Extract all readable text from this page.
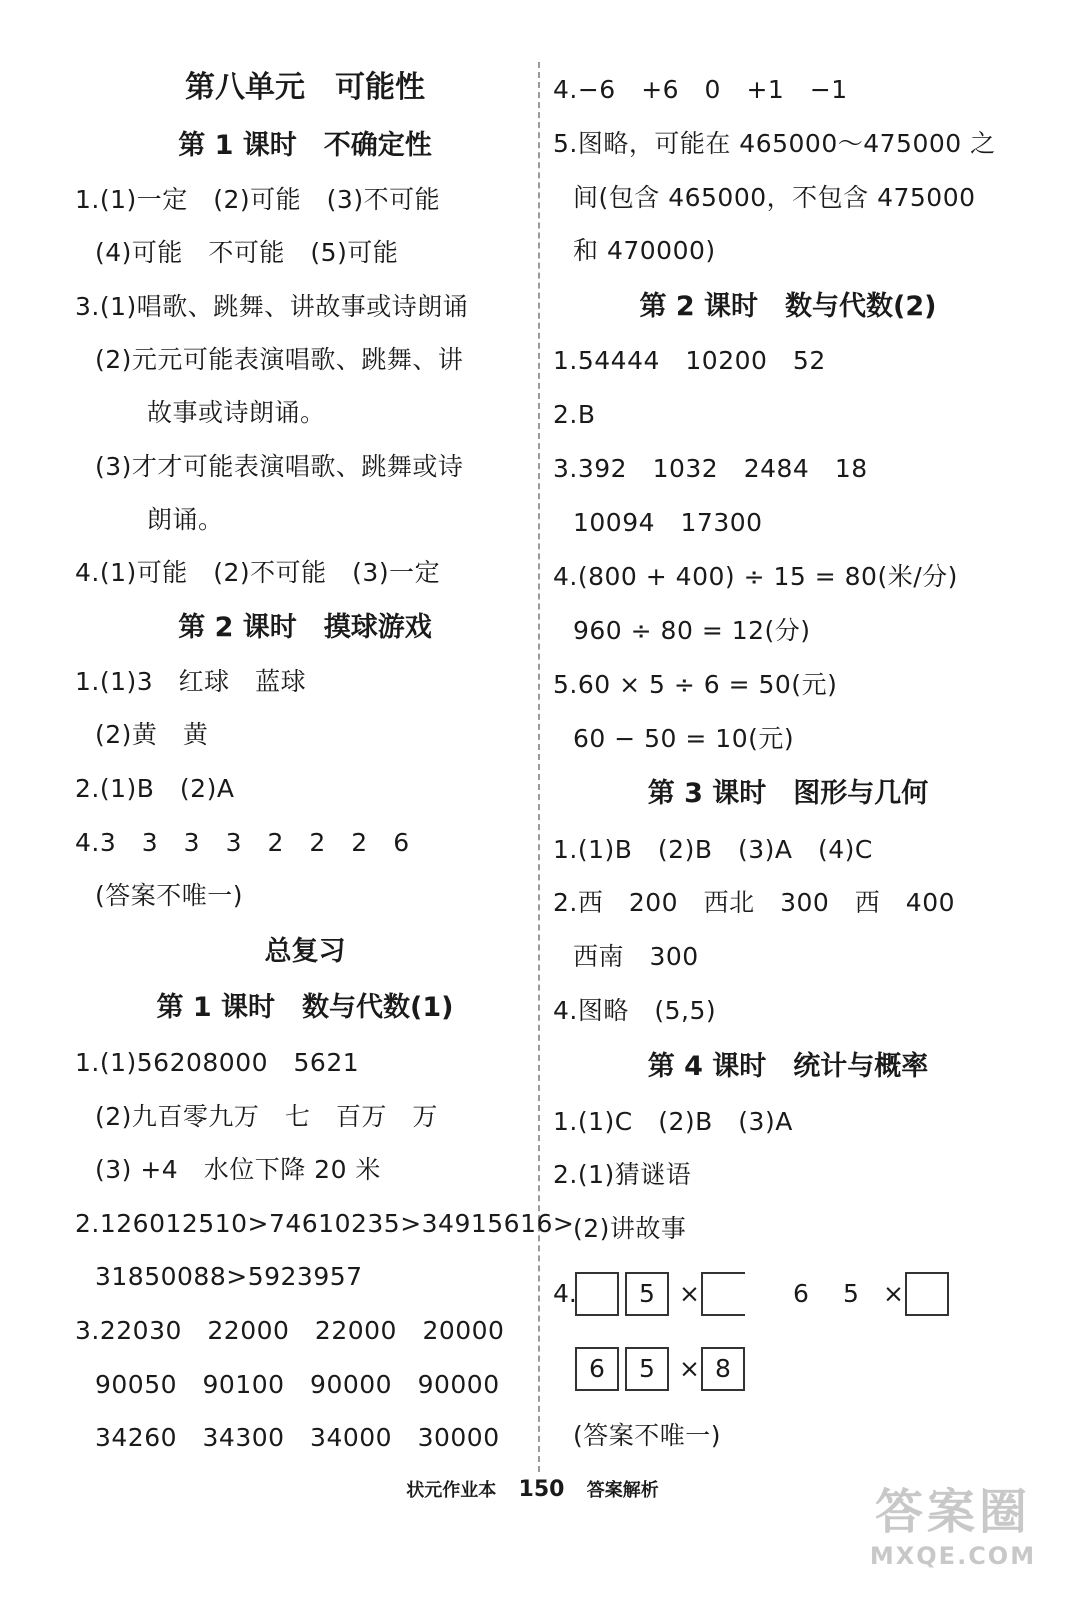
第八单元　可能性
第 1 课时　不确定性
1.(1)一定　(2)可能　(3)不可能
(4)可能　不可能　(5)可能
3.(1)唱歌、跳舞、讲故事或诗朗诵
(2)元元可能表演唱歌、跳舞、讲
故事或诗朗诵。
(3)才才可能表演唱歌、跳舞或诗
朗诵。
4.(1)可能　(2)不可能　(3)一定
第 2 课时　摸球游戏
1.(1)3　红球　蓝球
(2)黄　黄
2.(1)B　(2)A
4.3　3　3　3　2　2　2　6
(答案不唯一)
总复习
第 1 课时　数与代数(1)
1.(1)56208000　5621
(2)九百零九万　七　百万　万
(3) +4　水位下降 20 米
2.126012510>74610235>34915616>
31850088>5923957
3.22030　22000　22000　20000
90050　90100　90000　90000
34260　34300　34000　30000
4.−6　+6　0　+1　−1
5.图略，可能在 465000～475000 之
间(包含 465000，不包含 475000
和 470000)
第 2 课时　数与代数(2)
1.54444　10200　52
2.B
3.392　1032　2484　18
10094　17300
4.(800 + 400) ÷ 15 = 80(米/分)
960 ÷ 80 = 12(分)
5.60 × 5 ÷ 6 = 50(元)
60 − 50 = 10(元)
第 3 课时　图形与几何
1.(1)B　(2)B　(3)A　(4)C
2.西　200　西北　300　西　400
西南　300
4.图略　(5,5)
第 4 课时　统计与概率
1.(1)C　(2)B　(3)A
2.(1)猜谜语
(2)讲故事
4.	5 ×	6 5 ×
6	5 × 8
(答案不唯一)
状元作业本 150 答案解析	答案圈
MXQE.COM
